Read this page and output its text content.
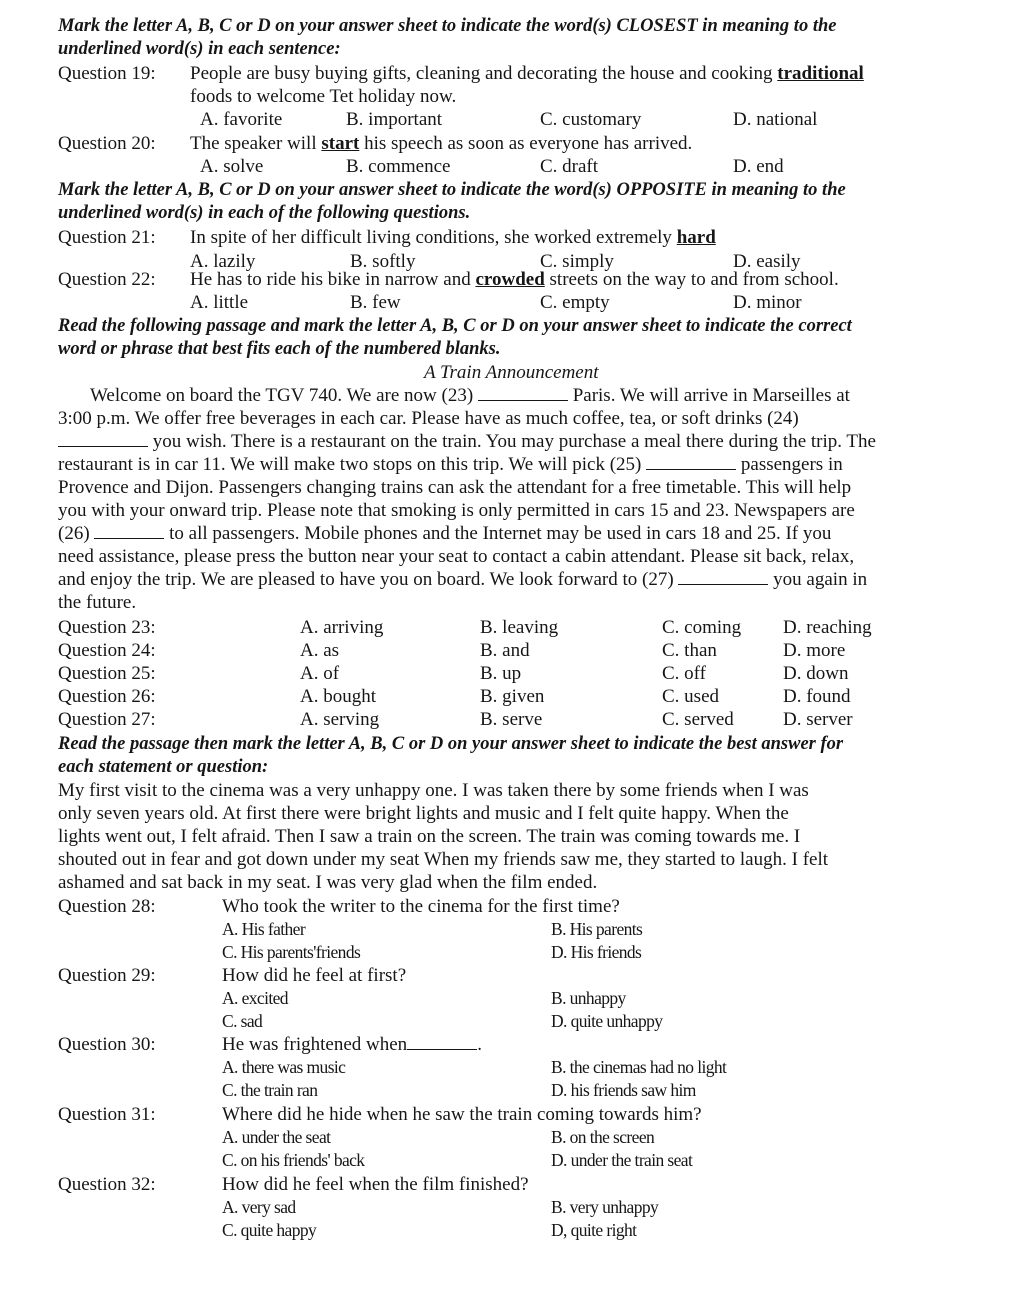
Mark the letter A, B, C or D on your answer sheet to indicate the word(s) CLOSEST in meaning to the
underlined word(s) in each sentence:
Question 19: People are busy buying gifts, cleaning and decorating the house and cooking traditional
foods to welcome Tet holiday now.
A. favorite	B. important	C. customary	D. national
Question 20: The speaker will start his speech as soon as everyone has arrived.
A. solve	B. commence	C. draft	D. end
Mark the letter A, B, C or D on your answer sheet to indicate the word(s) OPPOSITE in meaning to the
underlined word(s) in each of the following questions.
Question 21: In spite of her difficult living conditions, she worked extremely hard
A. lazily	B. softly	C. simply	D. easily
Question 22: He has to ride his bike in narrow and crowded streets on the way to and from school.
A. little	B. few	C. empty	D. minor
Read the following passage and mark the letter A, B, C or D on your answer sheet to indicate the correct
word or phrase that best fits each of the numbered blanks.
A Train Announcement
Welcome on board the TGV 740. We are now (23)	Paris. We will arrive in Marseilles at
3:00 p.m. We offer free beverages in each car. Please have as much coffee, tea, or soft drinks (24)
you wish. There is a restaurant on the train. You may purchase a meal there during the trip. The
restaurant is in car 11. We will make two stops on this trip. We will pick (25)	passengers in
Provence and Dijon. Passengers changing trains can ask the attendant for a free timetable. This will help
you with your onward trip. Please note that smoking is only permitted in cars 15 and 23. Newspapers are
(26)	to all passengers. Mobile phones and the Internet may be used in cars 18 and 25. If you
need assistance, please press the button near your seat to contact a cabin attendant. Please sit back, relax,
and enjoy the trip. We are pleased to have you on board. We look forward to (27)	you again in
the future.
Question 23:	A. arriving	B. leaving	C. coming D. reaching
Question 24:	A. as	B. and	C. than	D. more
Question 25:	A. of	B. up	C. off	D. down
Question 26:	A. bought	B. given	C. used	D. found
Question 27:	A. serving	B. serve	C. served	D. server
Read the passage then mark the letter A, B, C or D on your answer sheet to indicate the best answer for
each statement or question:
My first visit to the cinema was a very unhappy one. I was taken there by some friends when I was
only seven years old. At first there were bright lights and music and I felt quite happy. When the
lights went out, I felt afraid. Then I saw a train on the screen. The train was coming towards me. I
shouted out in fear and got down under my seat When my friends saw me, they started to laugh. I felt
ashamed and sat back in my seat. I was very glad when the film ended.
Question 28:	Who took the writer to the cinema for the first time?
A. His father	B. His parents
C. His parents'friends	D. His friends
Question 29:	How did he feel at first?
A. excited	B. unhappy
C. sad	D. quite unhappy
Question 30:	He was frightened when	.
A. there was music	B. the cinemas had no light
C. the train ran	D. his friends saw him
Question 31:	Where did he hide when he saw the train coming towards him?
A. under the seat	B. on the screen
C. on his friends' back	D. under the train seat
Question 32:	How did he feel when the film finished?
A. very sad	B. very unhappy
C. quite happy	D, quite right
